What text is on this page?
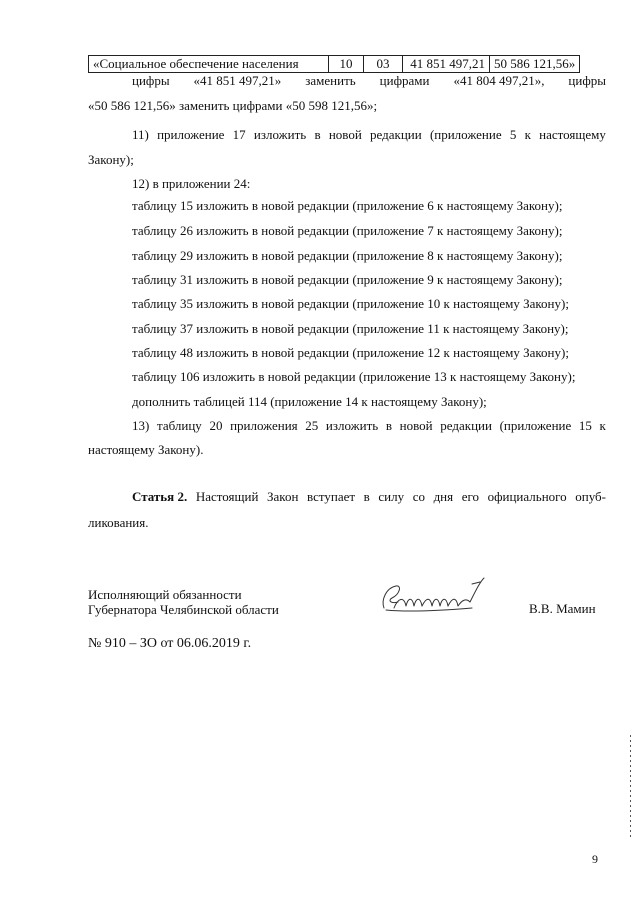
«Социальное обеспечение населения	10	03	41 851 497,21	50 586 121,56»
цифры «41 851 497,21» заменить цифрами «41 804 497,21», цифры
«50 586 121,56» заменить цифрами «50 598 121,56»;
11) приложение 17 изложить в новой редакции (приложение 5 к настоящему
Закону);
12) в приложении 24:
таблицу 15 изложить в новой редакции (приложение 6 к настоящему Закону);
таблицу 26 изложить в новой редакции (приложение 7 к настоящему Закону);
таблицу 29 изложить в новой редакции (приложение 8 к настоящему Закону);
таблицу 31 изложить в новой редакции (приложение 9 к настоящему Закону);
таблицу 35 изложить в новой редакции (приложение 10 к настоящему Закону);
таблицу 37 изложить в новой редакции (приложение 11 к настоящему Закону);
таблицу 48 изложить в новой редакции (приложение 12 к настоящему Закону);
таблицу 106 изложить в новой редакции (приложение 13 к настоящему Закону);
дополнить таблицей 114 (приложение 14 к настоящему Закону);
13) таблицу 20 приложения 25 изложить в новой редакции (приложение 15 к
настоящему Закону).
Статья 2. Настоящий Закон вступает в силу со дня его официального опуб-
ликования.
Исполняющий обязанности
Губернатора Челябинской области	В.В. Мамин
№ 910 – ЗО от 06.06.2019 г.
9
